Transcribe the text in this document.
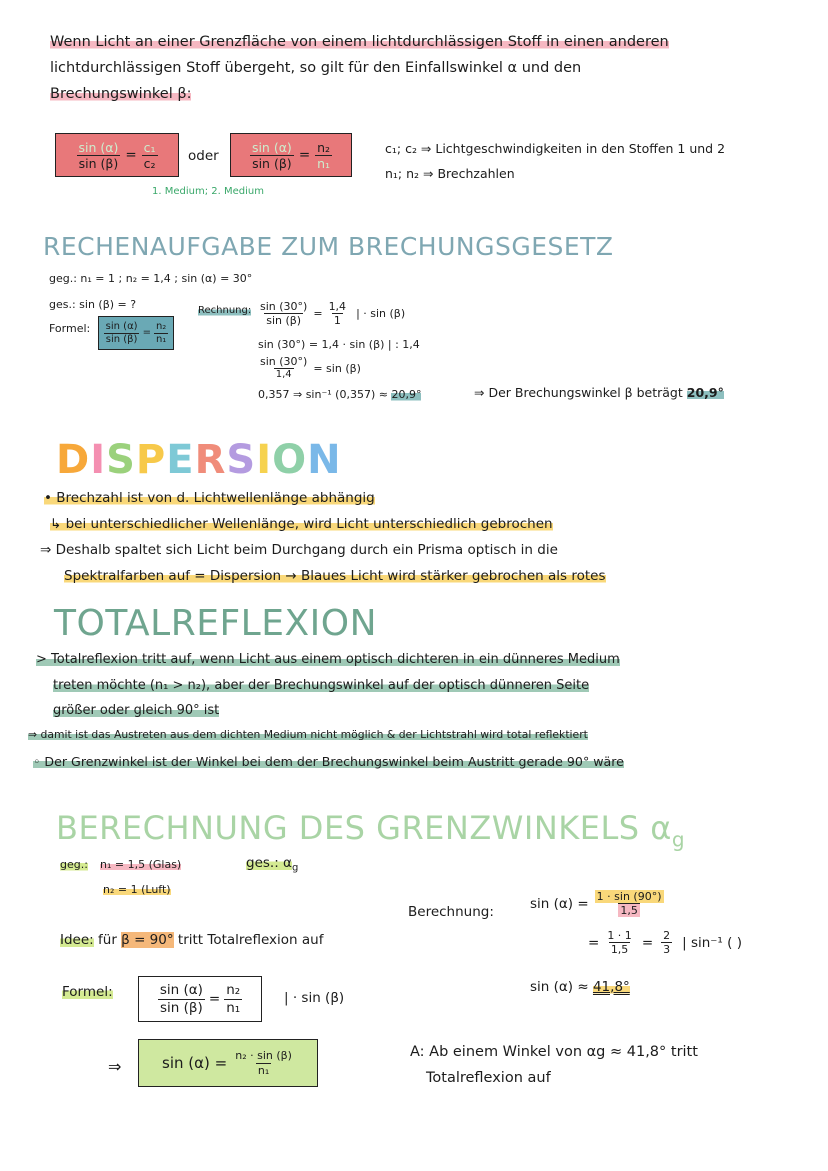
Wenn Licht an einer Grenzfläche von einem lichtdurchlässigen Stoff in einen anderen
lichtdurchlässigen Stoff übergeht, so gilt für den Einfallswinkel α und den
Brechungswinkel β:
$\frac{\sin (\alpha)}{\sin (\beta)} = \frac{\text{c₁}}{\text{c₂}}$ oder	$\frac{\sin (\alpha)}{\sin (\beta)} = \frac{\text{n₂}}{\text{n₁}}$
1. Medium; 2. Medium
c₁; c₂ ⇒ Lichtgeschwindigkeiten in den Stoffen 1 und 2
n₁; n₂ ⇒ Brechzahlen
RECHENAUFGABE ZUM BRECHUNGSGESETZ
geg.: n₁ = 1 ; n₂ = 1,4 ; sin (α) = 30°
ges.: sin (β) = ?
Formel: $\frac{\sin (\alpha)}{\sin (\beta)} = \frac{\text{n₂}}{\text{n₁}}$
Rechnung: $\frac{\sin (30^\circ)}{\sin (\beta)} = \frac{1,4}{1}$ | · sin (β)
sin (30°) = 1,4 · sin (β) | : 1,4
$\frac{\sin (30^\circ)}{1,4} = \sin (\beta)$
0,357 ⇒ sin⁻¹ (0,357) ≈ 20,9°	⇒ Der Brechungswinkel β beträgt 20,9°
DISPERSION
• Brechzahl ist von d. Lichtwellenlänge abhängig
↳ bei unterschiedlicher Wellenlänge, wird Licht unterschiedlich gebrochen
⇒ Deshalb spaltet sich Licht beim Durchgang durch ein Prisma optisch in die
Spektralfarben auf = Dispersion → Blaues Licht wird stärker gebrochen als rotes
TOTALREFLEXION
> Totalreflexion tritt auf, wenn Licht aus einem optisch dichteren in ein dünneres Medium
treten möchte (n₁ > n₂), aber der Brechungswinkel auf der optisch dünneren Seite
größer oder gleich 90° ist
⇒ damit ist das Austreten aus dem dichten Medium nicht möglich & der Lichtstrahl wird total reflektiert
◦ Der Grenzwinkel ist der Winkel bei dem der Brechungswinkel beim Austritt gerade 90° wäre
BERECHNUNG DES GRENZWINKELS $\alpha_g$
geg.: n₁ = 1,5 (Glas)
n₂ = 1 (Luft)
ges.: $\alpha_g$
Idee: für β = 90° tritt Totalreflexion auf
Formel:	$\frac{\sin (\alpha)}{\sin (\beta)} = \frac{\text{n₂}}{\text{n₁}}$	| · sin (β)
⇒	$\sin (\alpha) = \frac{\text{n₂ · sin (β)}}{\text{n₁}}$
Berechnung:
$\sin (\alpha) = \frac{1 \cdot \sin (90^\circ)}{1,5}$
= $\frac{1 \cdot 1}{1,5} = \frac{2}{3}$ | sin⁻¹ ( )
sin (α) ≈ 41,8°
A: Ab einem Winkel von αg ≈ 41,8° tritt
Totalreflexion auf
